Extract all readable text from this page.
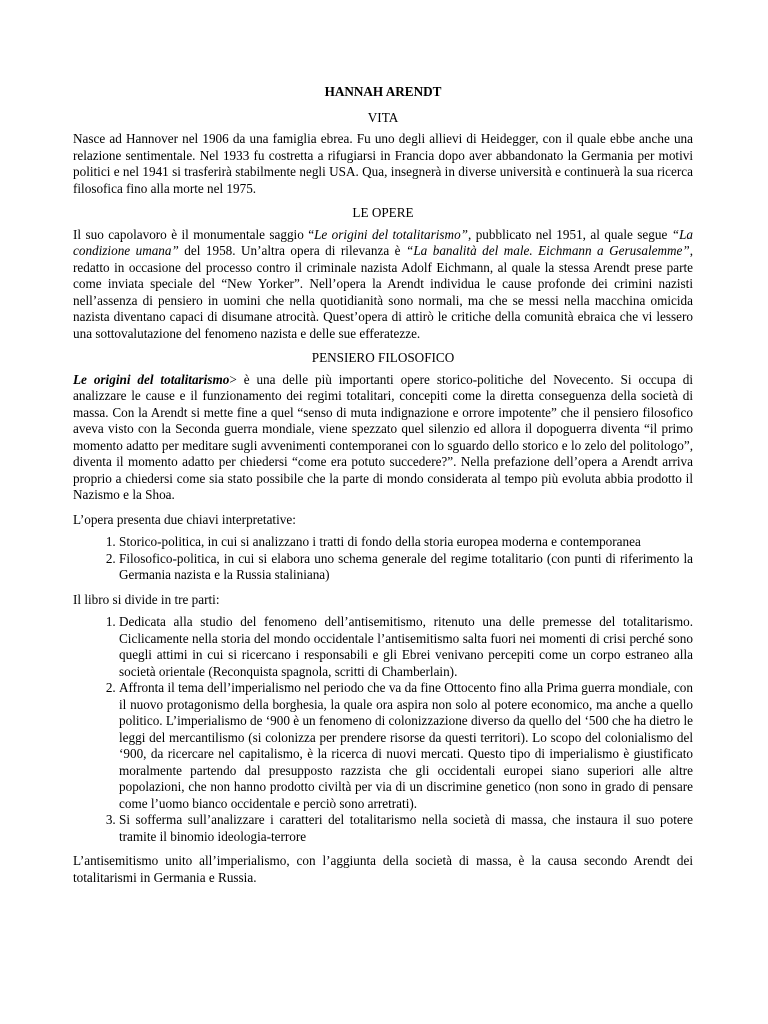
HANNAH ARENDT
VITA

Nasce ad Hannover nel 1906 da una famiglia ebrea. Fu uno degli allievi di Heidegger, con il quale ebbe anche una relazione sentimentale. Nel 1933 fu costretta a rifugiarsi in Francia dopo aver abbandonato la Germania per motivi politici e nel 1941 si trasferirà stabilmente negli USA. Qua, insegnerà in diverse università e continuerà la sua ricerca filosofica fino alla morte nel 1975.

LE OPERE

Il suo capolavoro è il monumentale saggio “Le origini del totalitarismo”, pubblicato nel 1951, al quale segue “La condizione umana” del 1958. Un’altra opera di rilevanza è “La banalità del male. Eichmann a Gerusalemme”, redatto in occasione del processo contro il criminale nazista Adolf Eichmann, al quale la stessa Arendt prese parte come inviata speciale del “New Yorker”. Nell’opera la Arendt individua le cause profonde dei crimini nazisti nell’assenza di pensiero in uomini che nella quotidianità sono normali, ma che se messi nella macchina omicida nazista diventano capaci di disumane atrocità. Quest’opera di attirò le critiche della comunità ebraica che vi lessero una sottovalutazione del fenomeno nazista e delle sue efferatezze.

PENSIERO FILOSOFICO

Le origini del totalitarismo> è una delle più importanti opere storico-politiche del Novecento. Si occupa di analizzare le cause e il funzionamento dei regimi totalitari, concepiti come la diretta conseguenza della società di massa. Con la Arendt si mette fine a quel “senso di muta indignazione e orrore impotente” che il pensiero filosofico aveva visto con la Seconda guerra mondiale, viene spezzato quel silenzio ed allora il dopoguerra diventa “il primo momento adatto per meditare sugli avvenimenti contemporanei con lo sguardo dello storico e lo zelo del politologo”, diventa il momento adatto per chiedersi “come era potuto succedere?”. Nella prefazione dell’opera a Arendt arriva proprio a chiedersi come sia stato possibile che la parte di mondo considerata al tempo più evoluta abbia prodotto il Nazismo e la Shoa.

L’opera presenta due chiavi interpretative:

1. Storico-politica, in cui si analizzano i tratti di fondo della storia europea moderna e contemporanea
2. Filosofico-politica, in cui si elabora uno schema generale del regime totalitario (con punti di riferimento la Germania nazista e la Russia staliniana)

Il libro si divide in tre parti:

1. Dedicata alla studio del fenomeno dell’antisemitismo, ritenuto una delle premesse del totalitarismo. Ciclicamente nella storia del mondo occidentale l’antisemitismo salta fuori nei momenti di crisi perché sono quegli attimi in cui si ricercano i responsabili e gli Ebrei venivano percepiti come un corpo estraneo alla società orientale (Reconquista spagnola, scritti di Chamberlain).
2. Affronta il tema dell’imperialismo nel periodo che va da fine Ottocento fino alla Prima guerra mondiale, con il nuovo protagonismo della borghesia, la quale ora aspira non solo al potere economico, ma anche a quello politico. L’imperialismo de ‘900 è un fenomeno di colonizzazione diverso da quello del ‘500 che ha dietro le leggi del mercantilismo (si colonizza per prendere risorse da questi territori). Lo scopo del colonialismo del ‘900, da ricercare nel capitalismo, è la ricerca di nuovi mercati. Questo tipo di imperialismo è giustificato moralmente partendo dal presupposto razzista che gli occidentali europei siano superiori alle altre popolazioni, che non hanno prodotto civiltà per via di un discrimine genetico (non sono in grado di pensare come l’uomo bianco occidentale e perciò sono arretrati).
3. Si sofferma sull’analizzare i caratteri del totalitarismo nella società di massa, che instaura il suo potere tramite il binomio ideologia-terrore

L’antisemitismo unito all’imperialismo, con l’aggiunta della società di massa, è la causa secondo Arendt dei totalitarismi in Germania e Russia.
